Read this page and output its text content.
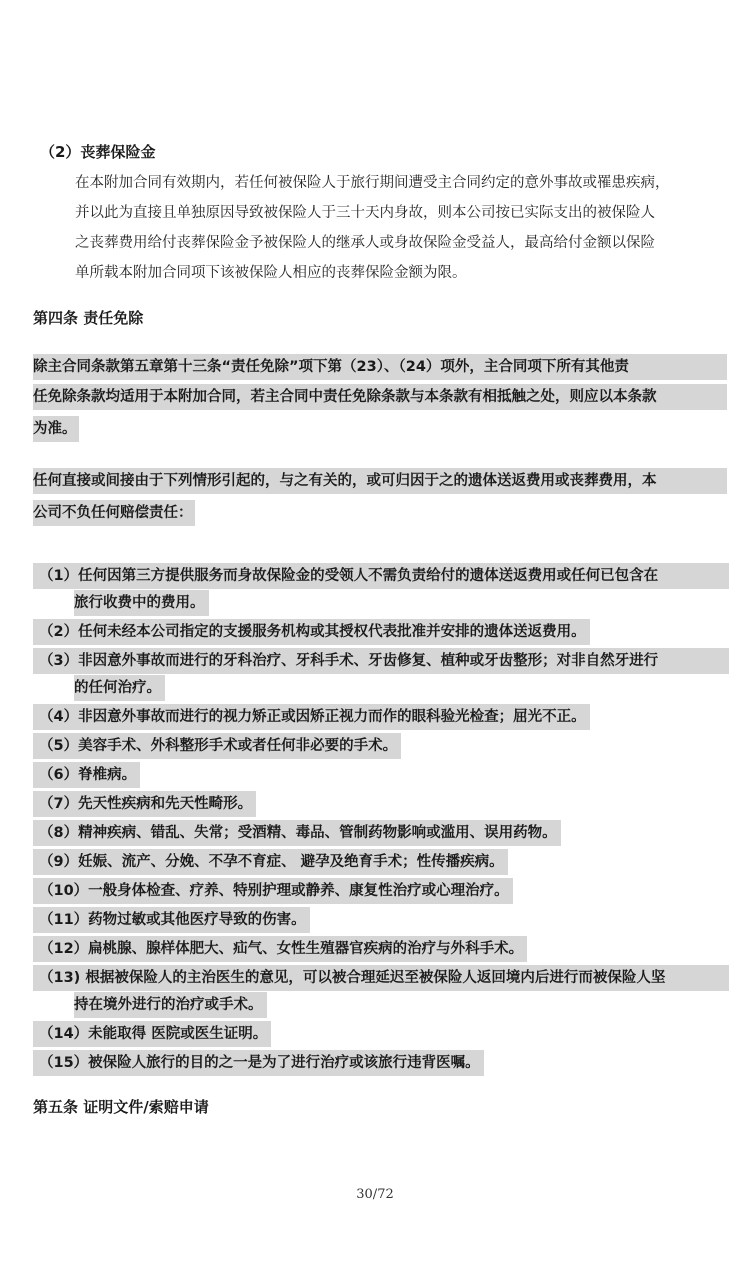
（2）丧葬保险金
在本附加合同有效期内，若任何被保险人于旅行期间遭受主合同约定的意外事故或罹患疾病，
并以此为直接且单独原因导致被保险人于三十天内身故，则本公司按已实际支出的被保险人
之丧葬费用给付丧葬保险金予被保险人的继承人或身故保险金受益人，最高给付金额以保险
单所载本附加合同项下该被保险人相应的丧葬保险金额为限。
第四条 责任免除
除主合同条款第五章第十三条“责任免除”项下第（23）、（24）项外，主合同项下所有其他责
任免除条款均适用于本附加合同，若主合同中责任免除条款与本条款有相抵触之处，则应以本条款
为准。
任何直接或间接由于下列情形引起的，与之有关的，或可归因于之的遗体送返费用或丧葬费用，本
公司不负任何赔偿责任：
（1）任何因第三方提供服务而身故保险金的受领人不需负责给付的遗体送返费用或任何已包含在
旅行收费中的费用。
（2）任何未经本公司指定的支援服务机构或其授权代表批准并安排的遗体送返费用。
（3）非因意外事故而进行的牙科治疗、牙科手术、牙齿修复、植种或牙齿整形；对非自然牙进行
的任何治疗。
（4）非因意外事故而进行的视力矫正或因矫正视力而作的眼科验光检查；屈光不正。
（5）美容手术、外科整形手术或者任何非必要的手术。
（6）脊椎病。
（7）先天性疾病和先天性畸形。
（8）精神疾病、错乱、失常；受酒精、毒品、管制药物影响或滥用、误用药物。
（9）妊娠、流产、分娩、不孕不育症、 避孕及绝育手术；性传播疾病。
（10）一般身体检查、疗养、特别护理或静养、康复性治疗或心理治疗。
（11）药物过敏或其他医疗导致的伤害。
（12）扁桃腺、腺样体肥大、疝气、女性生殖器官疾病的治疗与外科手术。
（13) 根据被保险人的主治医生的意见，可以被合理延迟至被保险人返回境内后进行而被保险人坚
持在境外进行的治疗或手术。
（14）未能取得 医院或医生证明。
（15）被保险人旅行的目的之一是为了进行治疗或该旅行违背医嘱。
第五条 证明文件/索赔申请
30/72
